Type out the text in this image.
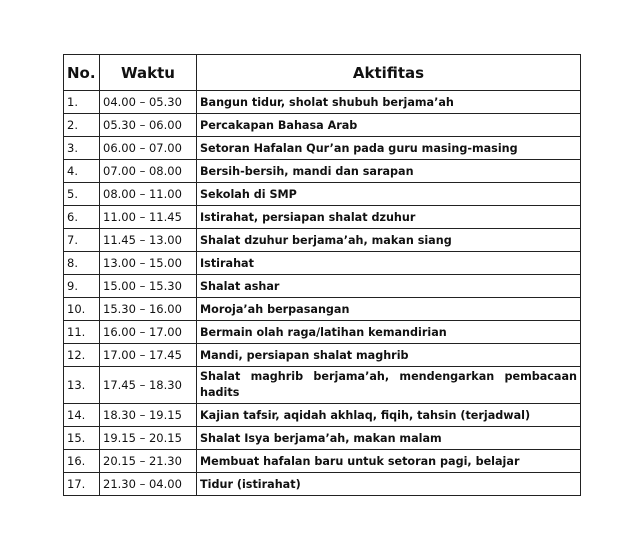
No.	Waktu	Aktifitas
1.	04.00 – 05.30	Bangun tidur, sholat shubuh berjama’ah
2.	05.30 – 06.00	Percakapan Bahasa Arab
3.	06.00 – 07.00	Setoran Hafalan Qur’an pada guru masing-masing
4.	07.00 – 08.00	Bersih-bersih, mandi dan sarapan
5.	08.00 – 11.00	Sekolah di SMP
6.	11.00 – 11.45	Istirahat, persiapan shalat dzuhur
7.	11.45 – 13.00	Shalat dzuhur berjama’ah, makan siang
8.	13.00 – 15.00	Istirahat
9.	15.00 – 15.30	Shalat ashar
10.	15.30 – 16.00	Moroja’ah berpasangan
11.	16.00 – 17.00	Bermain olah raga/latihan kemandirian
12.	17.00 – 17.45	Mandi, persiapan shalat maghrib
13.	17.45 – 18.30	Shalat maghrib berjama’ah, mendengarkan pembacaan hadits
14.	18.30 – 19.15	Kajian tafsir, aqidah akhlaq, fiqih, tahsin (terjadwal)
15.	19.15 – 20.15	Shalat Isya berjama’ah, makan malam
16.	20.15 – 21.30	Membuat hafalan baru untuk setoran pagi, belajar
17.	21.30 – 04.00	Tidur (istirahat)
